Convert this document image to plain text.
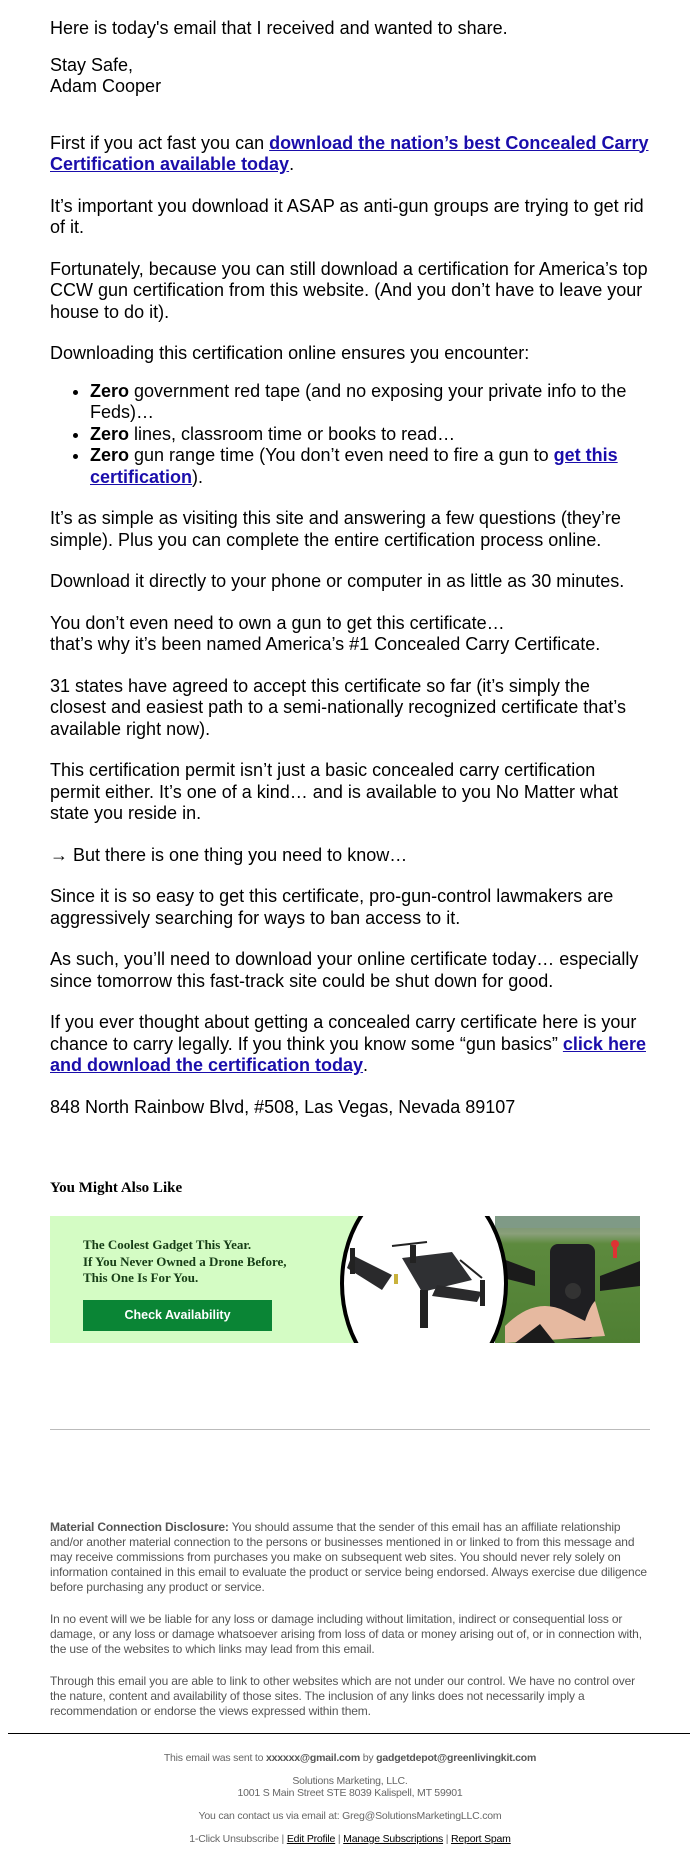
Here is today's email that I received and wanted to share.

Stay Safe,
Adam Cooper

First if you act fast you can download the nation’s best Concealed Carry Certification available today.

It’s important you download it ASAP as anti-gun groups are trying to get rid of it.

Fortunately, because you can still download a certification for America’s top CCW gun certification from this website. (And you don’t have to leave your house to do it).

Downloading this certification online ensures you encounter:

• Zero government red tape (and no exposing your private info to the Feds)…
• Zero lines, classroom time or books to read…
• Zero gun range time (You don’t even need to fire a gun to get this certification).

It’s as simple as visiting this site and answering a few questions (they’re simple). Plus you can complete the entire certification process online.

Download it directly to your phone or computer in as little as 30 minutes.

You don’t even need to own a gun to get this certificate…
that’s why it’s been named America’s #1 Concealed Carry Certificate.

31 states have agreed to accept this certificate so far (it’s simply the closest and easiest path to a semi-nationally recognized certificate that’s available right now).

This certification permit isn’t just a basic concealed carry certification permit either. It’s one of a kind… and is available to you No Matter what state you reside in.

→ But there is one thing you need to know…

Since it is so easy to get this certificate, pro-gun-control lawmakers are aggressively searching for ways to ban access to it.

As such, you’ll need to download your online certificate today… especially since tomorrow this fast-track site could be shut down for good.

If you ever thought about getting a concealed carry certificate here is your chance to carry legally. If you think you know some “gun basics” click here and download the certification today.

848 North Rainbow Blvd, #508, Las Vegas, Nevada 89107

You Might Also Like
The Coolest Gadget This Year.
If You Never Owned a Drone Before,
This One Is For You.
Check Availability

Material Connection Disclosure: You should assume that the sender of this email has an affiliate relationship and/or another material connection to the persons or businesses mentioned in or linked to from this message and may receive commissions from purchases you make on subsequent web sites. You should never rely solely on information contained in this email to evaluate the product or service being endorsed. Always exercise due diligence before purchasing any product or service.

In no event will we be liable for any loss or damage including without limitation, indirect or consequential loss or damage, or any loss or damage whatsoever arising from loss of data or money arising out of, or in connection with, the use of the websites to which links may lead from this email.

Through this email you are able to link to other websites which are not under our control. We have no control over the nature, content and availability of those sites. The inclusion of any links does not necessarily imply a recommendation or endorse the views expressed within them.

This email was sent to xxxxxx@gmail.com by gadgetdepot@greenlivingkit.com

Solutions Marketing, LLC.
1001 S Main Street STE 8039 Kalispell, MT 59901

You can contact us via email at: Greg@SolutionsMarketingLLC.com

1-Click Unsubscribe | Edit Profile | Manage Subscriptions | Report Spam
